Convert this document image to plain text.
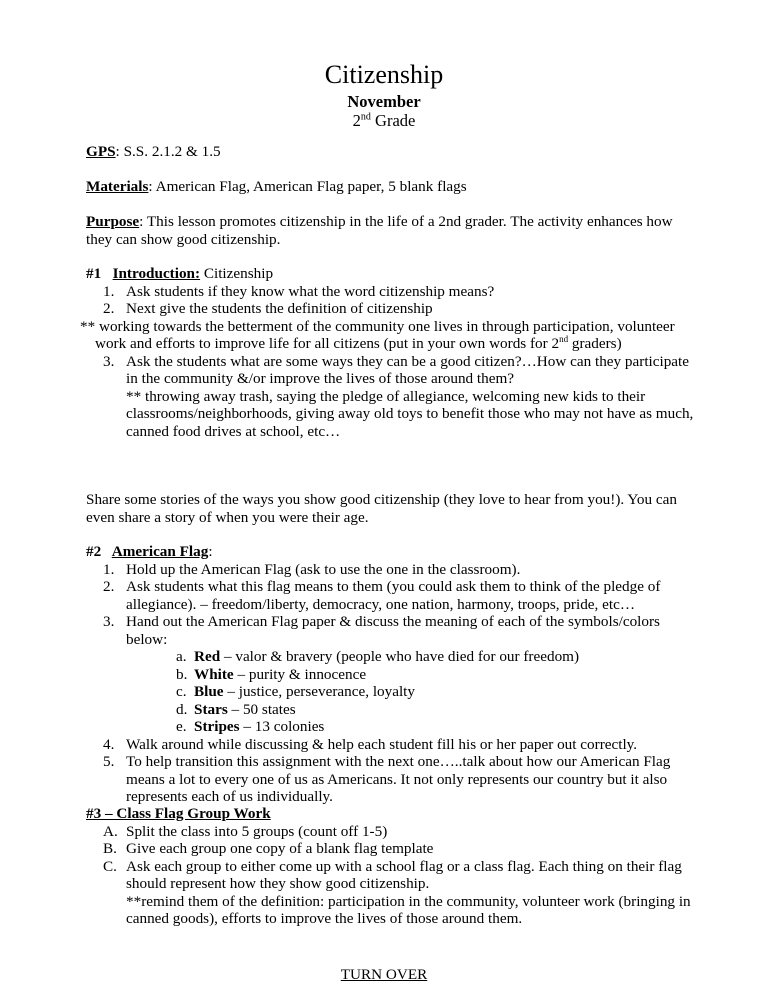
Citizenship
November
2nd Grade
GPS: S.S. 2.1.2 & 1.5
Materials: American Flag, American Flag paper, 5 blank flags
Purpose: This lesson promotes citizenship in the life of a 2nd grader. The activity enhances how they can show good citizenship.
#1   Introduction: Citizenship
1. Ask students if they know what the word citizenship means?
2. Next give the students the definition of citizenship
** working towards the betterment of the community one lives in through participation, volunteer work and efforts to improve life for all citizens (put in your own words for 2nd graders)
3. Ask the students what are some ways they can be a good citizen?…How can they participate in the community &/or improve the lives of those around them?
** throwing away trash, saying the pledge of allegiance, welcoming new kids to their classrooms/neighborhoods, giving away old toys to benefit those who may not have as much, canned food drives at school, etc…
Share some stories of the ways you show good citizenship (they love to hear from you!). You can even share a story of when you were their age.
#2   American Flag:
1. Hold up the American Flag (ask to use the one in the classroom).
2. Ask students what this flag means to them (you could ask them to think of the pledge of allegiance). – freedom/liberty, democracy, one nation, harmony, troops, pride, etc…
3. Hand out the American Flag paper & discuss the meaning of each of the symbols/colors below:
a. Red – valor & bravery (people who have died for our freedom)
b. White – purity & innocence
c. Blue – justice, perseverance, loyalty
d. Stars – 50 states
e. Stripes – 13 colonies
4. Walk around while discussing & help each student fill his or her paper out correctly.
5. To help transition this assignment with the next one…..talk about how our American Flag means a lot to every one of us as Americans. It not only represents our country but it also represents each of us individually.
#3 – Class Flag Group Work
A. Split the class into 5 groups (count off 1-5)
B. Give each group one copy of a blank flag template
C. Ask each group to either come up with a school flag or a class flag. Each thing on their flag should represent how they show good citizenship.
**remind them of the definition: participation in the community, volunteer work (bringing in canned goods), efforts to improve the lives of those around them.
TURN OVER
